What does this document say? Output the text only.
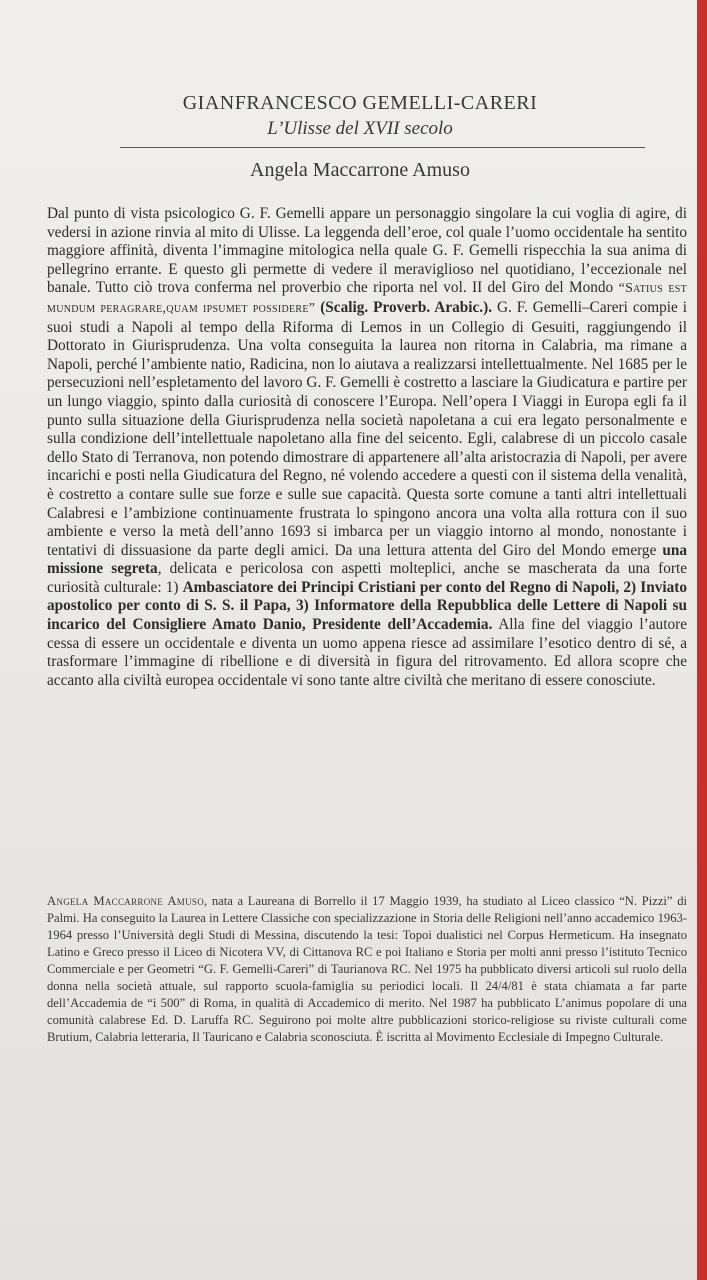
GIANFRANCESCO GEMELLI-CARERI

L’Ulisse del XVII secolo

Angela Maccarrone Amuso

Dal punto di vista psicologico G. F. Gemelli appare un personaggio singolare la cui voglia di agire, di vedersi in azione rinvia al mito di Ulisse. La leggenda dell’eroe, col quale l’uomo occidentale ha sentito maggiore affinità, diventa l’immagine mitologica nella quale G. F. Gemelli rispecchia la sua anima di pellegrino errante. E questo gli permette di vedere il meraviglioso nel quotidiano, l’eccezionale nel banale. Tutto ciò trova conferma nel proverbio che riporta nel vol. II del Giro del Mondo “Satius est mundum peragrare,quam ipsumet possidere” (Scalig. Proverb. Arabic.). G. F. Gemelli–Careri compie i suoi studi a Napoli al tempo della Riforma di Lemos in un Collegio di Gesuiti, raggiungendo il Dottorato in Giurisprudenza. Una volta conseguita la laurea non ritorna in Calabria, ma rimane a Napoli, perché l’ambiente natio, Radicina, non lo aiutava a realizzarsi intellettualmente. Nel 1685 per le persecuzioni nell’espletamento del lavoro G. F. Gemelli è costretto a lasciare la Giudicatura e partire per un lungo viaggio, spinto dalla curiosità di conoscere l’Europa. Nell’opera I Viaggi in Europa egli fa il punto sulla situazione della Giurisprudenza nella società napoletana a cui era legato personalmente e sulla condizione dell’intellettuale napoletano alla fine del seicento. Egli, calabrese di un piccolo casale dello Stato di Terranova, non potendo dimostrare di appartenere all’alta aristocrazia di Napoli, per avere incarichi e posti nella Giudicatura del Regno, né volendo accedere a questi con il sistema della venalità, è costretto a contare sulle sue forze e sulle sue capacità. Questa sorte comune a tanti altri intellettuali Calabresi e l’ambizione continuamente frustrata lo spingono ancora una volta alla rottura con il suo ambiente e verso la metà dell’anno 1693 si imbarca per un viaggio intorno al mondo, nonostante i tentativi di dissuasione da parte degli amici. Da una lettura attenta del Giro del Mondo emerge una missione segreta, delicata e pericolosa con aspetti molteplici, anche se mascherata da una forte curiosità culturale: 1) Ambasciatore dei Principi Cristiani per conto del Regno di Napoli, 2) Inviato apostolico per conto di S. S. il Papa, 3) Informatore della Repubblica delle Lettere di Napoli su incarico del Consigliere Amato Danio, Presidente dell’Accademia. Alla fine del viaggio l’autore cessa di essere un occidentale e diventa un uomo appena riesce ad assimilare l’esotico dentro di sé, a trasformare l’immagine di ribellione e di diversità in figura del ritrovamento. Ed allora scopre che accanto alla civiltà europea occidentale vi sono tante altre civiltà che meritano di essere conosciute.

Angela Maccarrone Amuso, nata a Laureana di Borrello il 17 Maggio 1939, ha studiato al Liceo classico “N. Pizzi” di Palmi. Ha conseguito la Laurea in Lettere Classiche con specializzazione in Storia delle Religioni nell’anno accademico 1963-1964 presso l’Università degli Studi di Messina, discutendo la tesi: Topoi dualistici nel Corpus Hermeticum. Ha insegnato Latino e Greco presso il Liceo di Nicotera VV, di Cittanova RC e poi Italiano e Storia per molti anni presso l’istituto Tecnico Commerciale e per Geometri “G. F. Gemelli-Careri” di Taurianova RC. Nel 1975 ha pubblicato diversi articoli sul ruolo della donna nella società attuale, sul rapporto scuola-famiglia su periodici locali. Il 24/4/81 è stata chiamata a far parte dell’Accademia de “i 500” di Roma, in qualità di Accademico di merito. Nel 1987 ha pubblicato L’animus popolare di una comunità calabrese Ed. D. Laruffa RC. Seguirono poi molte altre pubblicazioni storico-religiose su riviste culturali come Brutium, Calabria letteraria, Il Tauricano e Calabria sconosciuta. È iscritta al Movimento Ecclesiale di Impegno Culturale.
